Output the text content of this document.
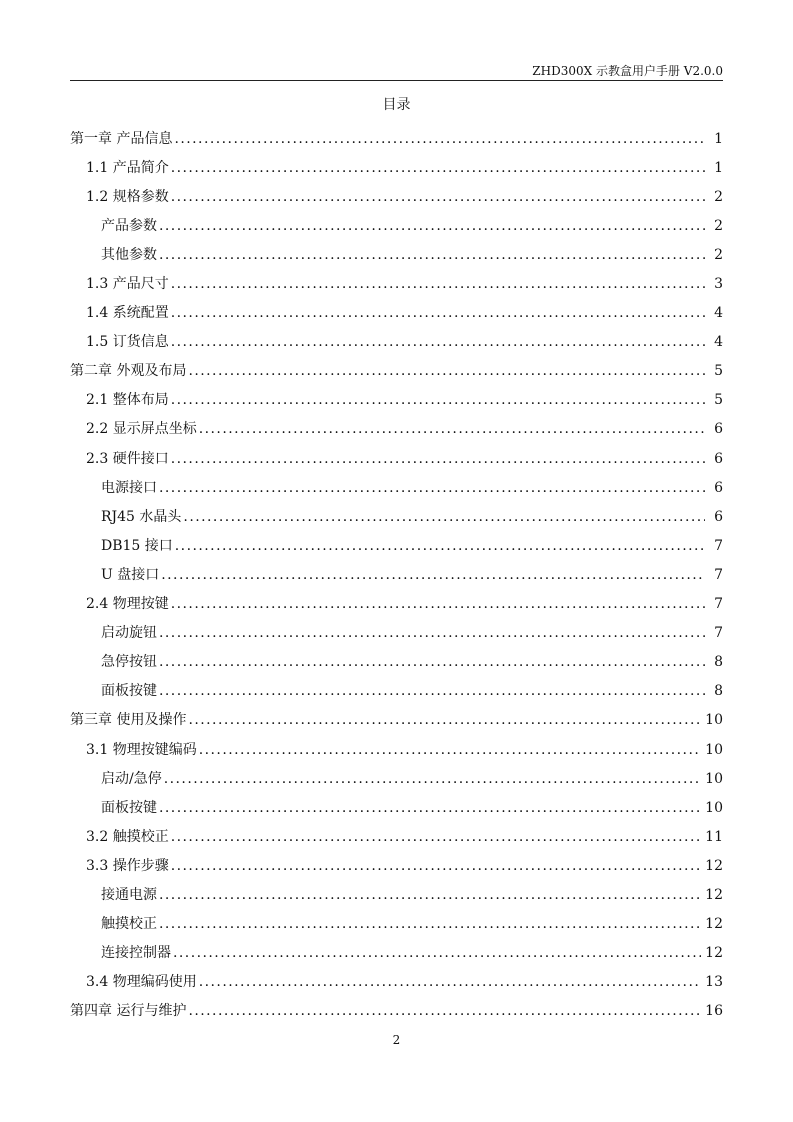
ZHD300X 示教盒用户手册 V2.0.0
目录
第一章 产品信息 . . .	1
1.1 产品简介 . . .	1
1.2 规格参数 . . .	2
产品参数 . . .	2
其他参数 . . .	2
1.3 产品尺寸 . . .	3
1.4 系统配置 . . .	4
1.5 订货信息 . . .	4
第二章 外观及布局 . . .	5
2.1 整体布局 . . .	5
2.2 显示屏点坐标 . . .	6
2.3 硬件接口 . . .	6
电源接口 . . .	6
RJ45 水晶头 . . .	6
DB15 接口 . . .	7
U 盘接口 . . .	7
2.4 物理按键 . . .	7
启动旋钮 . . .	7
急停按钮 . . .	8
面板按键 . . .	8
第三章 使用及操作 . . .	10
3.1 物理按键编码 . . .	10
启动/急停 . . .	10
面板按键 . . .	10
3.2 触摸校正 . . .	11
3.3 操作步骤 . . .	12
接通电源 . . .	12
触摸校正 . . .	12
连接控制器 . . .	12
3.4 物理编码使用 . . .	13
第四章 运行与维护 . . .	16
2
